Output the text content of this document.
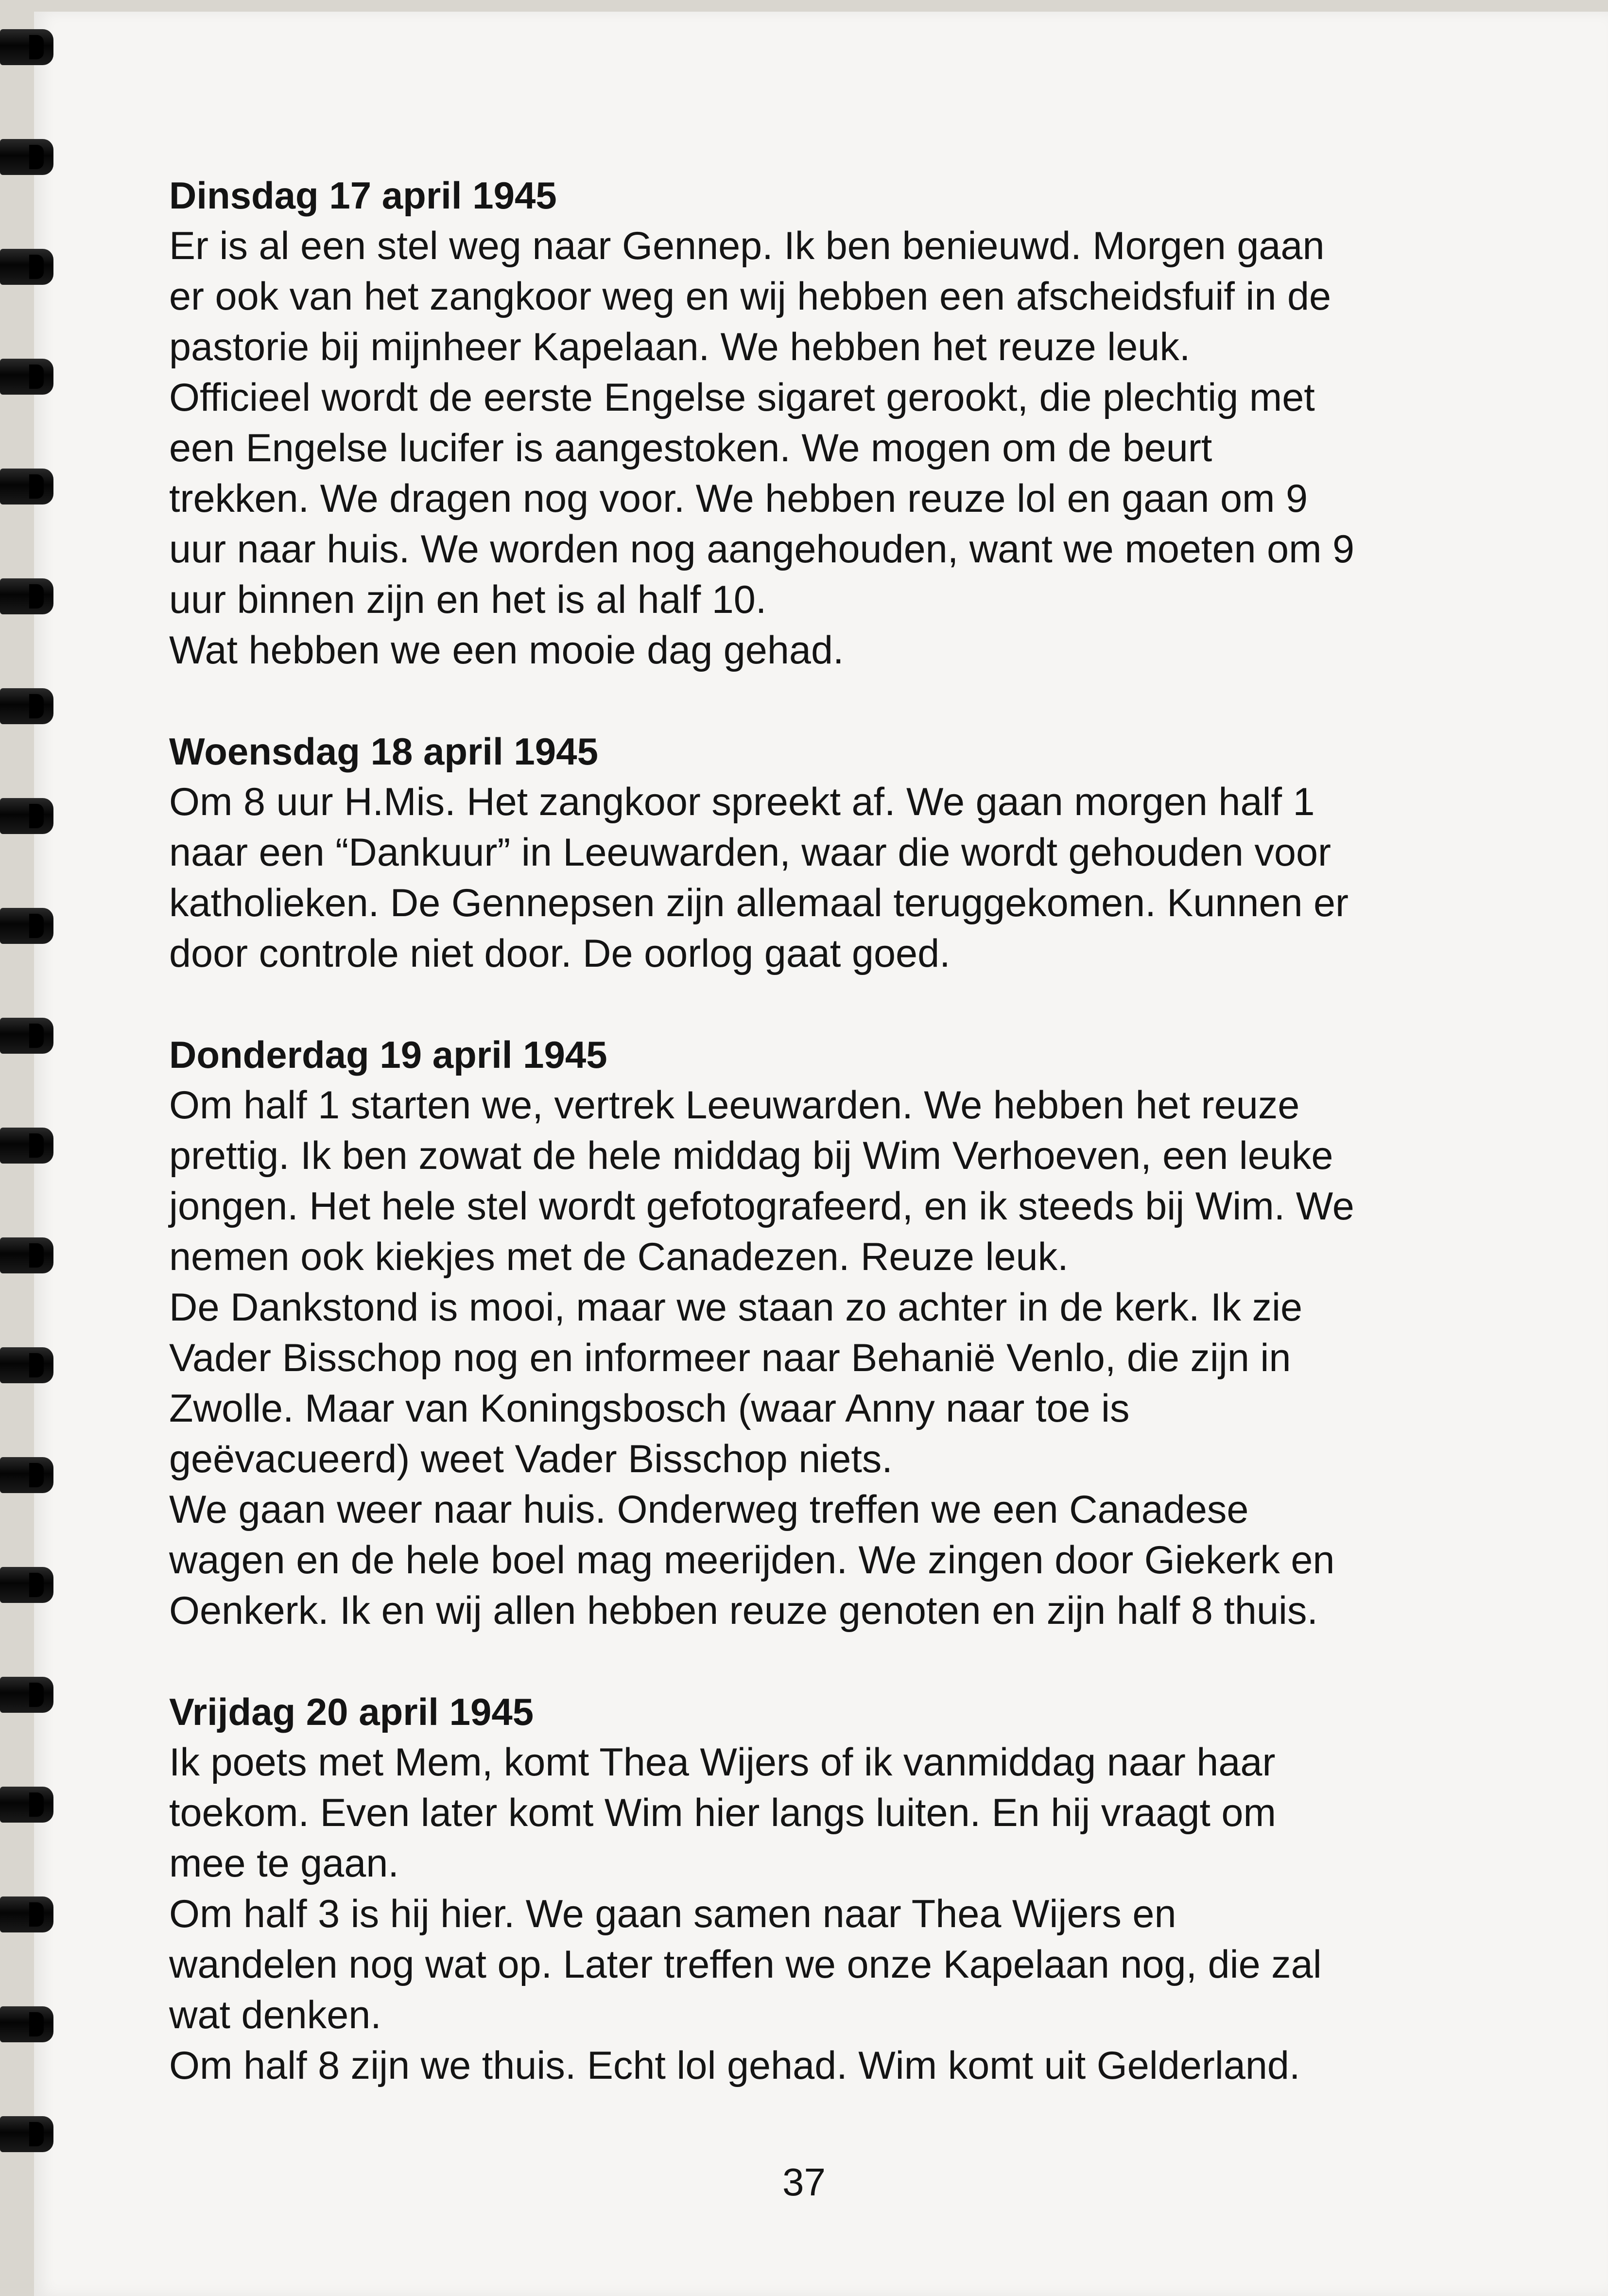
Dinsdag 17 april 1945

Er is al een stel weg naar Gennep. Ik ben benieuwd. Morgen gaan

er ook van het zangkoor weg en wij hebben een afscheidsfuif in de

pastorie bij mijnheer Kapelaan. We hebben het reuze leuk.

Officieel wordt de eerste Engelse sigaret gerookt, die plechtig met

een Engelse lucifer is aangestoken. We mogen om de beurt

trekken. We dragen nog voor. We hebben reuze lol en gaan om 9

uur naar huis. We worden nog aangehouden, want we moeten om 9

uur binnen zijn en het is al half 10.

Wat hebben we een mooie dag gehad.

Woensdag 18 april 1945

Om 8 uur H.Mis. Het zangkoor spreekt af. We gaan morgen half 1

naar een “Dankuur” in Leeuwarden, waar die wordt gehouden voor

katholieken. De Gennepsen zijn allemaal teruggekomen. Kunnen er

door controle niet door. De oorlog gaat goed.

Donderdag 19 april 1945

Om half 1 starten we, vertrek Leeuwarden. We hebben het reuze

prettig. Ik ben zowat de hele middag bij Wim Verhoeven, een leuke

jongen. Het hele stel wordt gefotografeerd, en ik steeds bij Wim. We

nemen ook kiekjes met de Canadezen. Reuze leuk.

De Dankstond is mooi, maar we staan zo achter in de kerk. Ik zie

Vader Bisschop nog en informeer naar Behanië Venlo, die zijn in

Zwolle. Maar van Koningsbosch (waar Anny naar toe is

geëvacueerd) weet Vader Bisschop niets.

We gaan weer naar huis. Onderweg treffen we een Canadese

wagen en de hele boel mag meerijden. We zingen door Giekerk en

Oenkerk. Ik en wij allen hebben reuze genoten en zijn half 8 thuis.

Vrijdag 20 april 1945

Ik poets met Mem, komt Thea Wijers of ik vanmiddag naar haar

toekom. Even later komt Wim hier langs luiten. En hij vraagt om

mee te gaan.

Om half 3 is hij hier. We gaan samen naar Thea Wijers en

wandelen nog wat op. Later treffen we onze Kapelaan nog, die zal

wat denken.

Om half 8 zijn we thuis. Echt lol gehad. Wim komt uit Gelderland.

37
